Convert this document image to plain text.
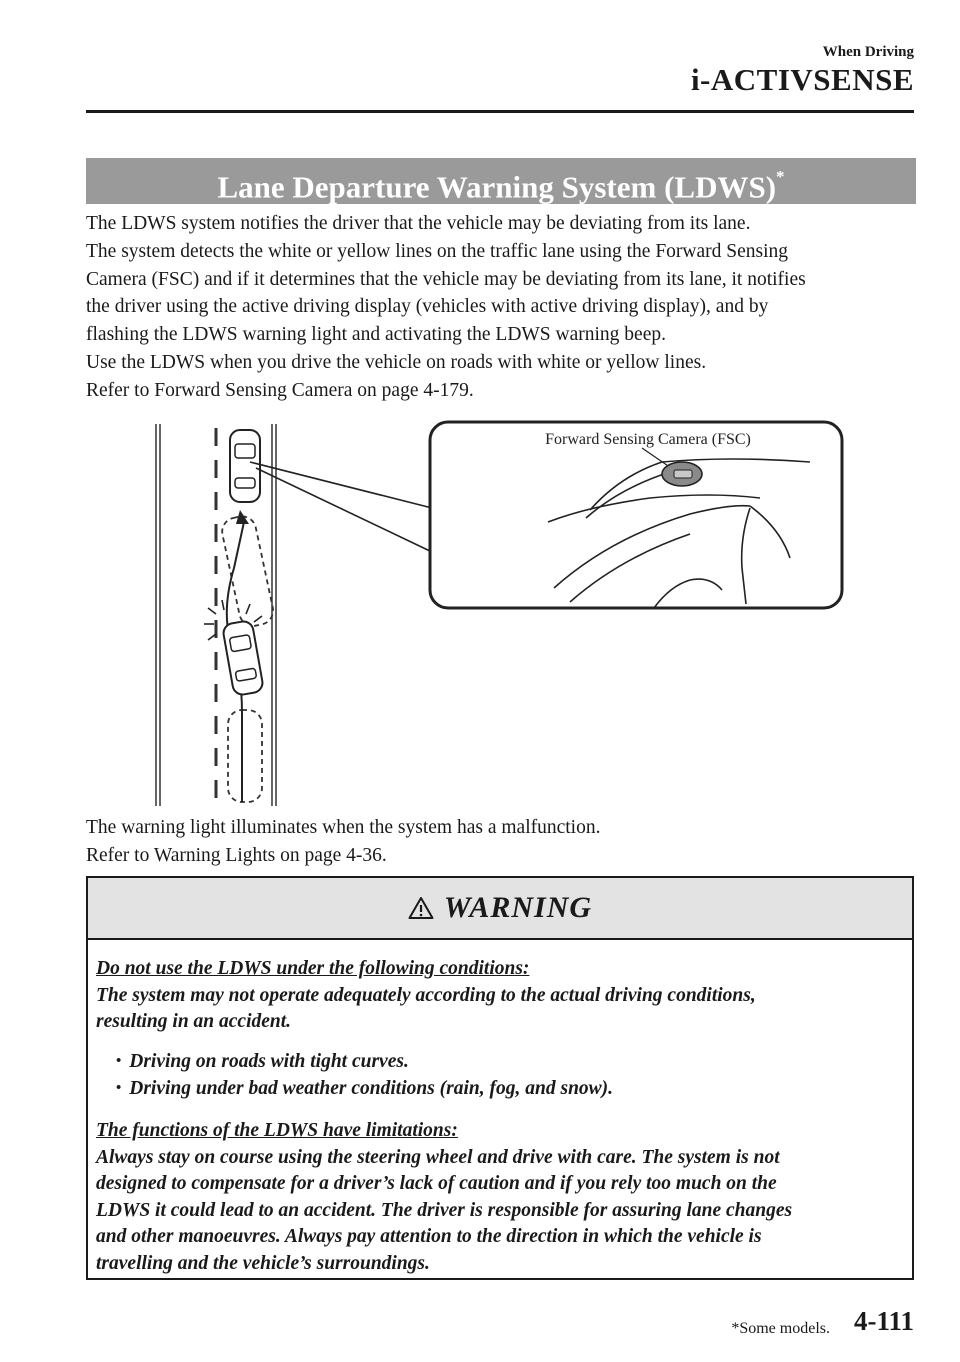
When Driving
i-ACTIVSENSE
Lane Departure Warning System (LDWS)*

The LDWS system notifies the driver that the vehicle may be deviating from its lane.

The system detects the white or yellow lines on the traffic lane using the Forward Sensing

Camera (FSC) and if it determines that the vehicle may be deviating from its lane, it notifies

the driver using the active driving display (vehicles with active driving display), and by

flashing the LDWS warning light and activating the LDWS warning beep.

Use the LDWS when you drive the vehicle on roads with white or yellow lines.

Refer to Forward Sensing Camera on page 4-179.

Forward Sensing Camera (FSC)

The warning light illuminates when the system has a malfunction.

Refer to Warning Lights on page 4-36.

WARNING

Do not use the LDWS under the following conditions:

The system may not operate adequately according to the actual driving conditions,

resulting in an accident.

• Driving on roads with tight curves.

• Driving under bad weather conditions (rain, fog, and snow).

The functions of the LDWS have limitations:

Always stay on course using the steering wheel and drive with care. The system is not

designed to compensate for a driver’s lack of caution and if you rely too much on the

LDWS it could lead to an accident. The driver is responsible for assuring lane changes

and other manoeuvres. Always pay attention to the direction in which the vehicle is

travelling and the vehicle’s surroundings.

*Some models. 4-111
